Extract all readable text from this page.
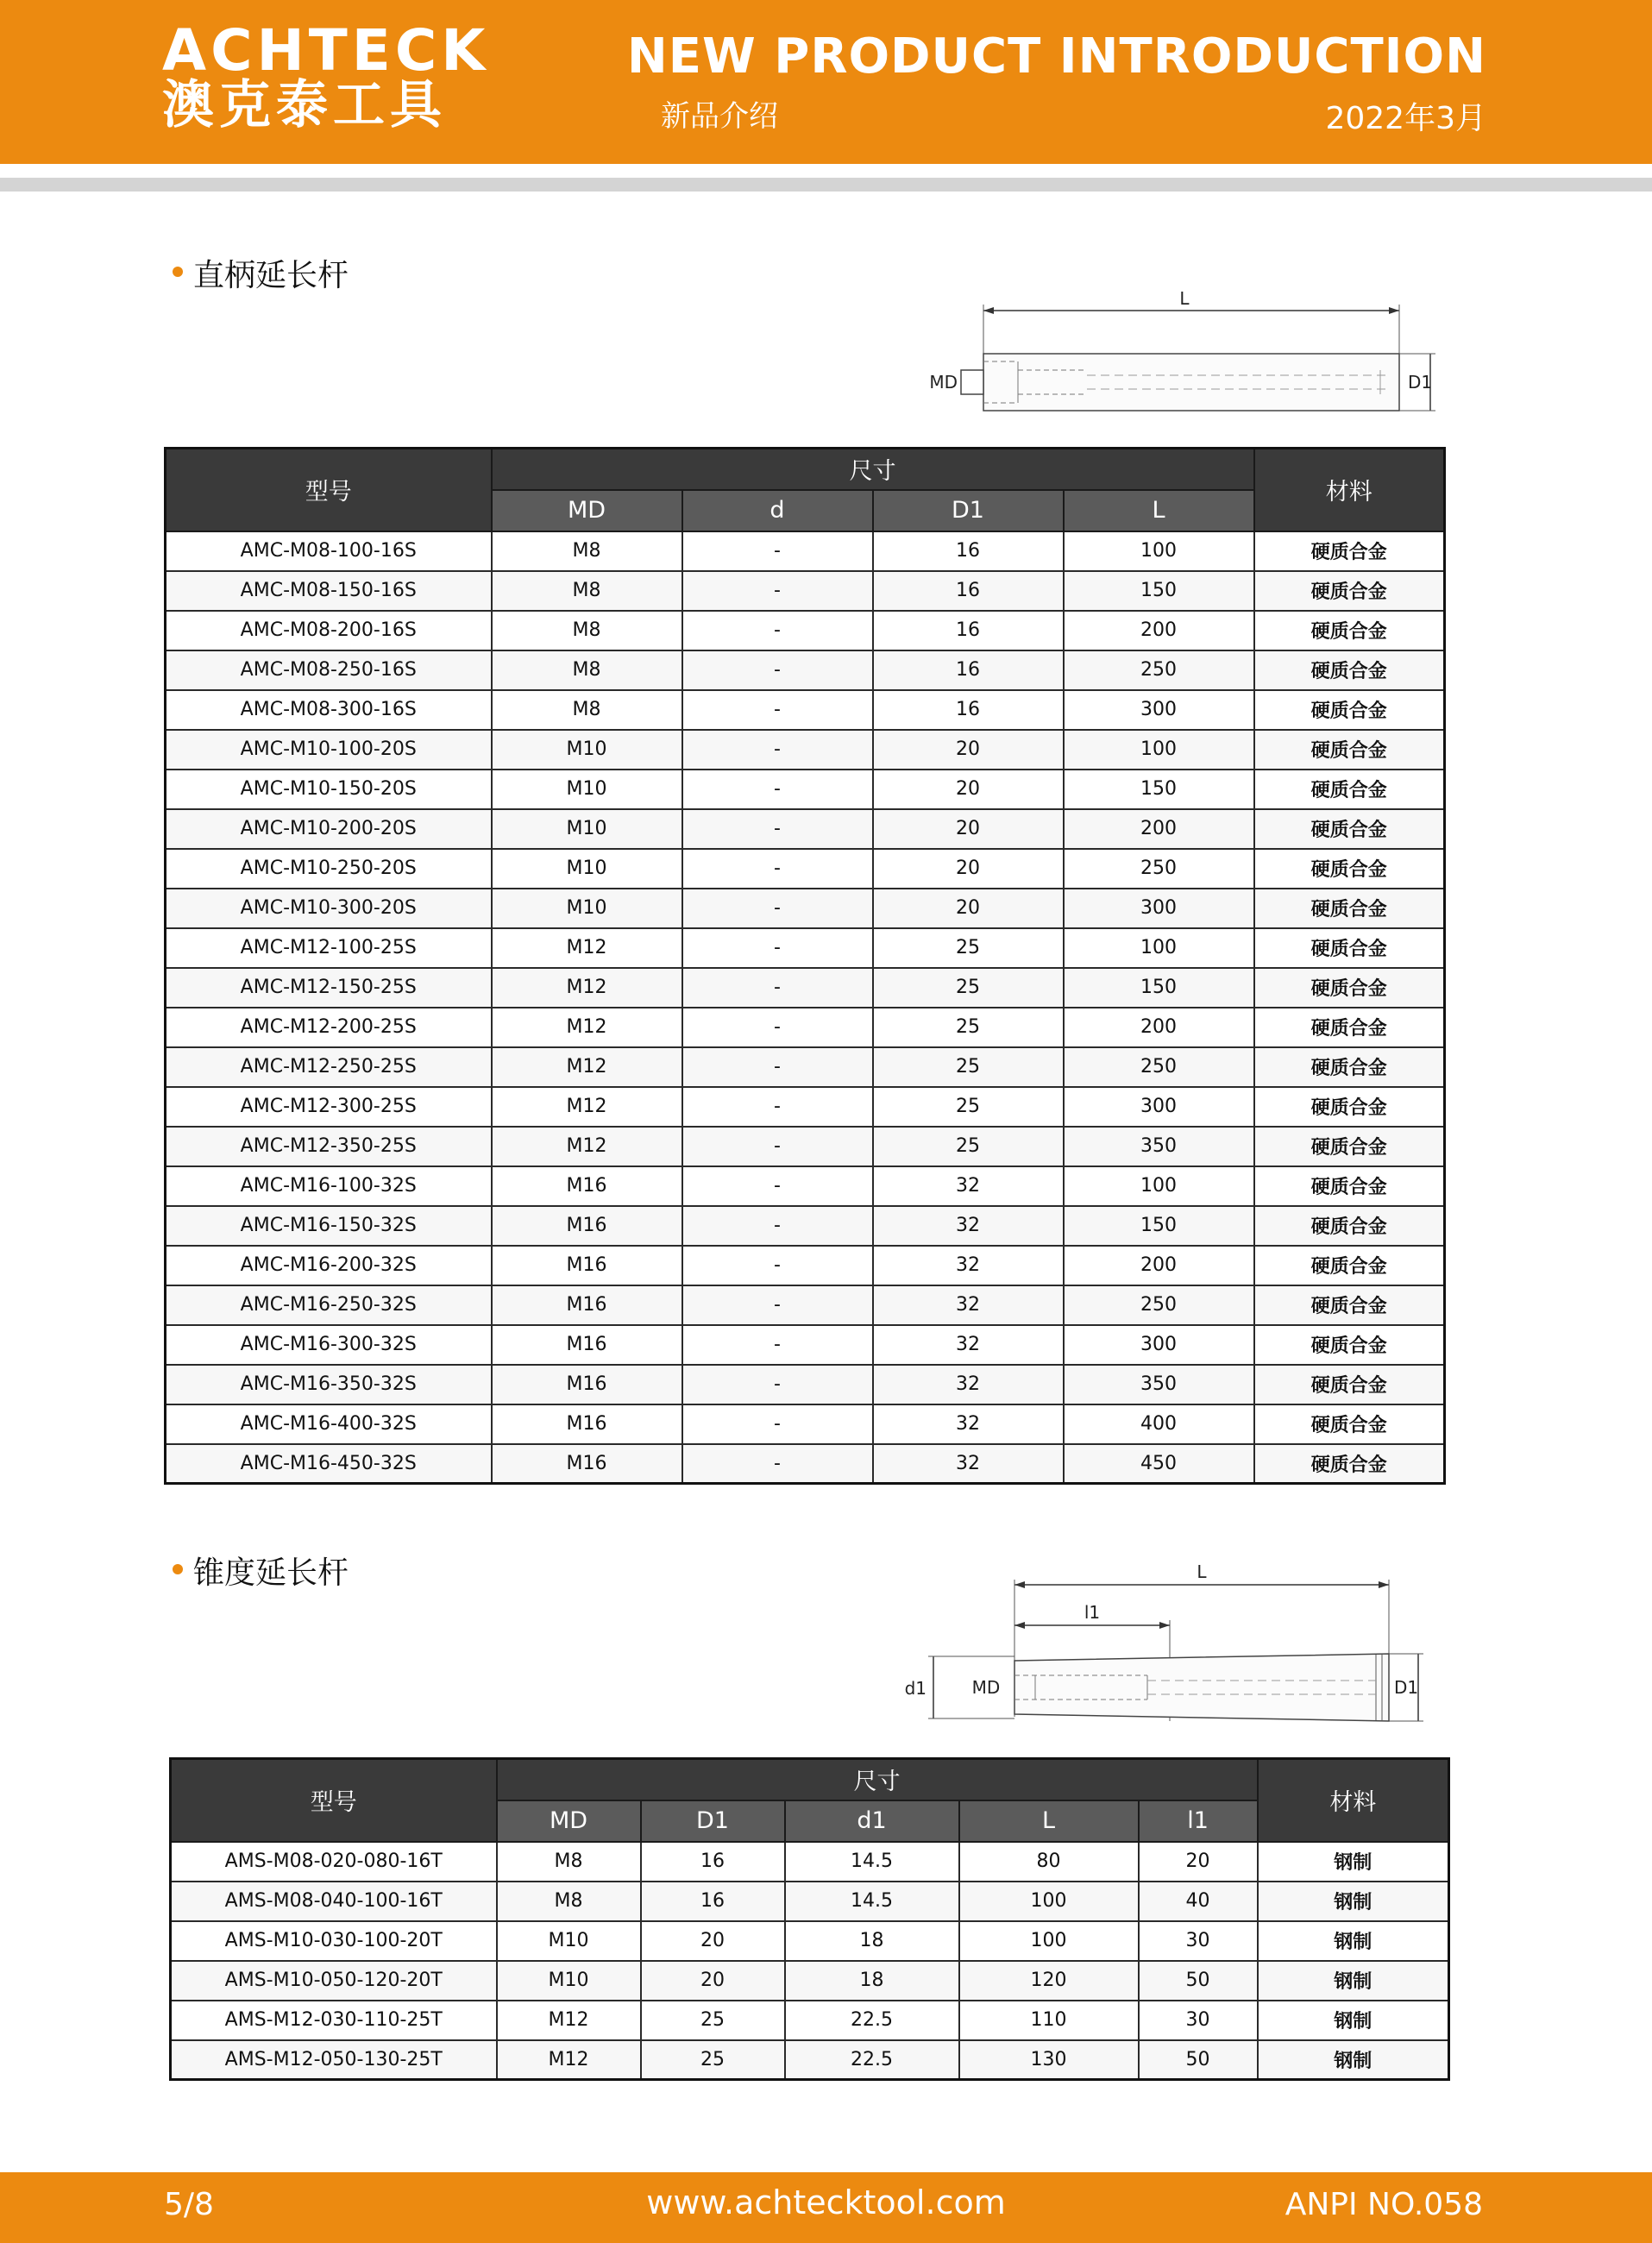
ACHTECK
澳克泰工具
NEW PRODUCT INTRODUCTION
新品介绍	2022年3月
直柄延长杆
L
MD	D1
型号	尺寸				材料
	MD	d	D1	L	
AMC-M08-100-16S	M8	-	16	100	硬质合金
AMC-M08-150-16S	M8	-	16	150	硬质合金
AMC-M08-200-16S	M8	-	16	200	硬质合金
AMC-M08-250-16S	M8	-	16	250	硬质合金
AMC-M08-300-16S	M8	-	16	300	硬质合金
AMC-M10-100-20S	M10	-	20	100	硬质合金
AMC-M10-150-20S	M10	-	20	150	硬质合金
AMC-M10-200-20S	M10	-	20	200	硬质合金
AMC-M10-250-20S	M10	-	20	250	硬质合金
AMC-M10-300-20S	M10	-	20	300	硬质合金
AMC-M12-100-25S	M12	-	25	100	硬质合金
AMC-M12-150-25S	M12	-	25	150	硬质合金
AMC-M12-200-25S	M12	-	25	200	硬质合金
AMC-M12-250-25S	M12	-	25	250	硬质合金
AMC-M12-300-25S	M12	-	25	300	硬质合金
AMC-M12-350-25S	M12	-	25	350	硬质合金
AMC-M16-100-32S	M16	-	32	100	硬质合金
AMC-M16-150-32S	M16	-	32	150	硬质合金
AMC-M16-200-32S	M16	-	32	200	硬质合金
AMC-M16-250-32S	M16	-	32	250	硬质合金
AMC-M16-300-32S	M16	-	32	300	硬质合金
AMC-M16-350-32S	M16	-	32	350	硬质合金
AMC-M16-400-32S	M16	-	32	400	硬质合金
AMC-M16-450-32S	M16	-	32	450	硬质合金
锥度延长杆	L
l1
d1	MD	D1
型号	尺寸					材料
	MD	D1	d1	L	l1	
AMS-M08-020-080-16T	M8	16	14.5	80	20	钢制
AMS-M08-040-100-16T	M8	16	14.5	100	40	钢制
AMS-M10-030-100-20T	M10	20	18	100	30	钢制
AMS-M10-050-120-20T	M10	20	18	120	50	钢制
AMS-M12-030-110-25T	M12	25	22.5	110	30	钢制
AMS-M12-050-130-25T	M12	25	22.5	130	50	钢制
5/8	www.achtecktool.com	ANPI NO.058
